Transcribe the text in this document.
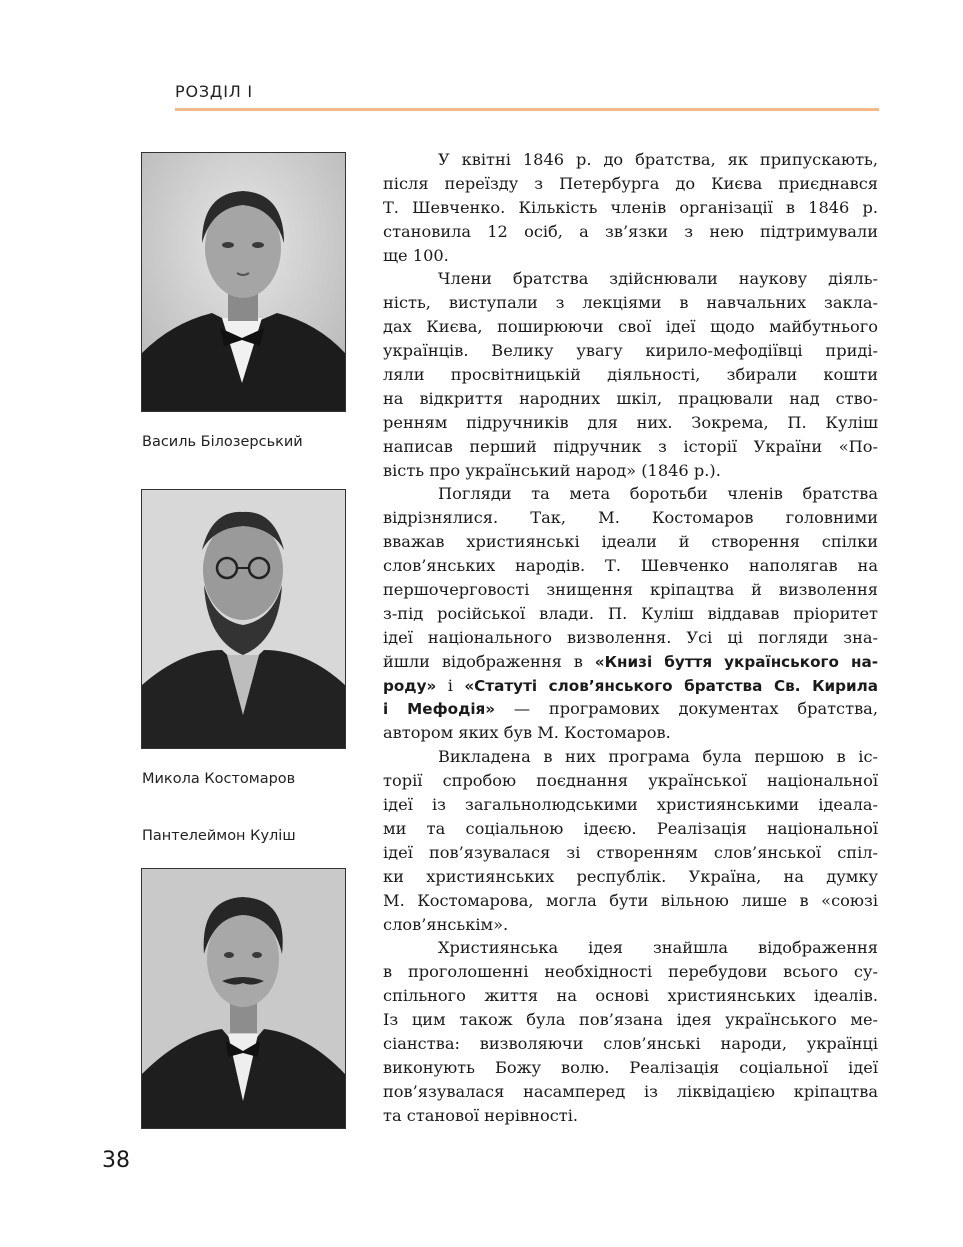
РОЗДІЛ І
Василь Білозерський
Микола Костомаров
Пантелеймон Куліш
У квітні 1846 р. до братства, як припускають,
після переїзду з Петербурга до Києва приєднався
Т. Шевченко. Кількість членів організації в 1846 р.
становила 12 осіб, а зв’язки з нею підтримували
ще 100.
Члени братства здійснювали наукову діяль-
ність, виступали з лекціями в навчальних закла-
дах Києва, поширюючи свої ідеї щодо майбутнього
українців. Велику увагу кирило-мефодіївці приді-
ляли просвітницькій діяльності, збирали кошти
на відкриття народних шкіл, працювали над ство-
ренням підручників для них. Зокрема, П. Куліш
написав перший підручник з історії України «По-
вість про український народ» (1846 р.).
Погляди та мета боротьби членів братства
відрізнялися. Так, М. Костомаров головними
вважав християнські ідеали й створення спілки
слов’янських народів. Т. Шевченко наполягав на
першочерговості знищення кріпацтва й визволення
з-під російської влади. П. Куліш віддавав пріоритет
ідеї національного визволення. Усі ці погляди зна-
йшли відображення в «Книзі буття українського на-
роду» і «Статуті слов’янського братства Св. Кирила
і Мефодія» — програмових документах братства,
автором яких був М. Костомаров.
Викладена в них програма була першою в іс-
торії спробою поєднання української національної
ідеї із загальнолюдськими християнськими ідеала-
ми та соціальною ідеєю. Реалізація національної
ідеї пов’язувалася зі створенням слов’янської спіл-
ки християнських республік. Україна, на думку
М. Костомарова, могла бути вільною лише в «союзі
слов’янськім».
Християнська ідея знайшла відображення
в проголошенні необхідності перебудови всього су-
спільного життя на основі християнських ідеалів.
Із цим також була пов’язана ідея українського ме-
сіанства: визволяючи слов’янські народи, українці
виконують Божу волю. Реалізація соціальної ідеї
пов’язувалася насамперед із ліквідацією кріпацтва
та станової нерівності.
38
